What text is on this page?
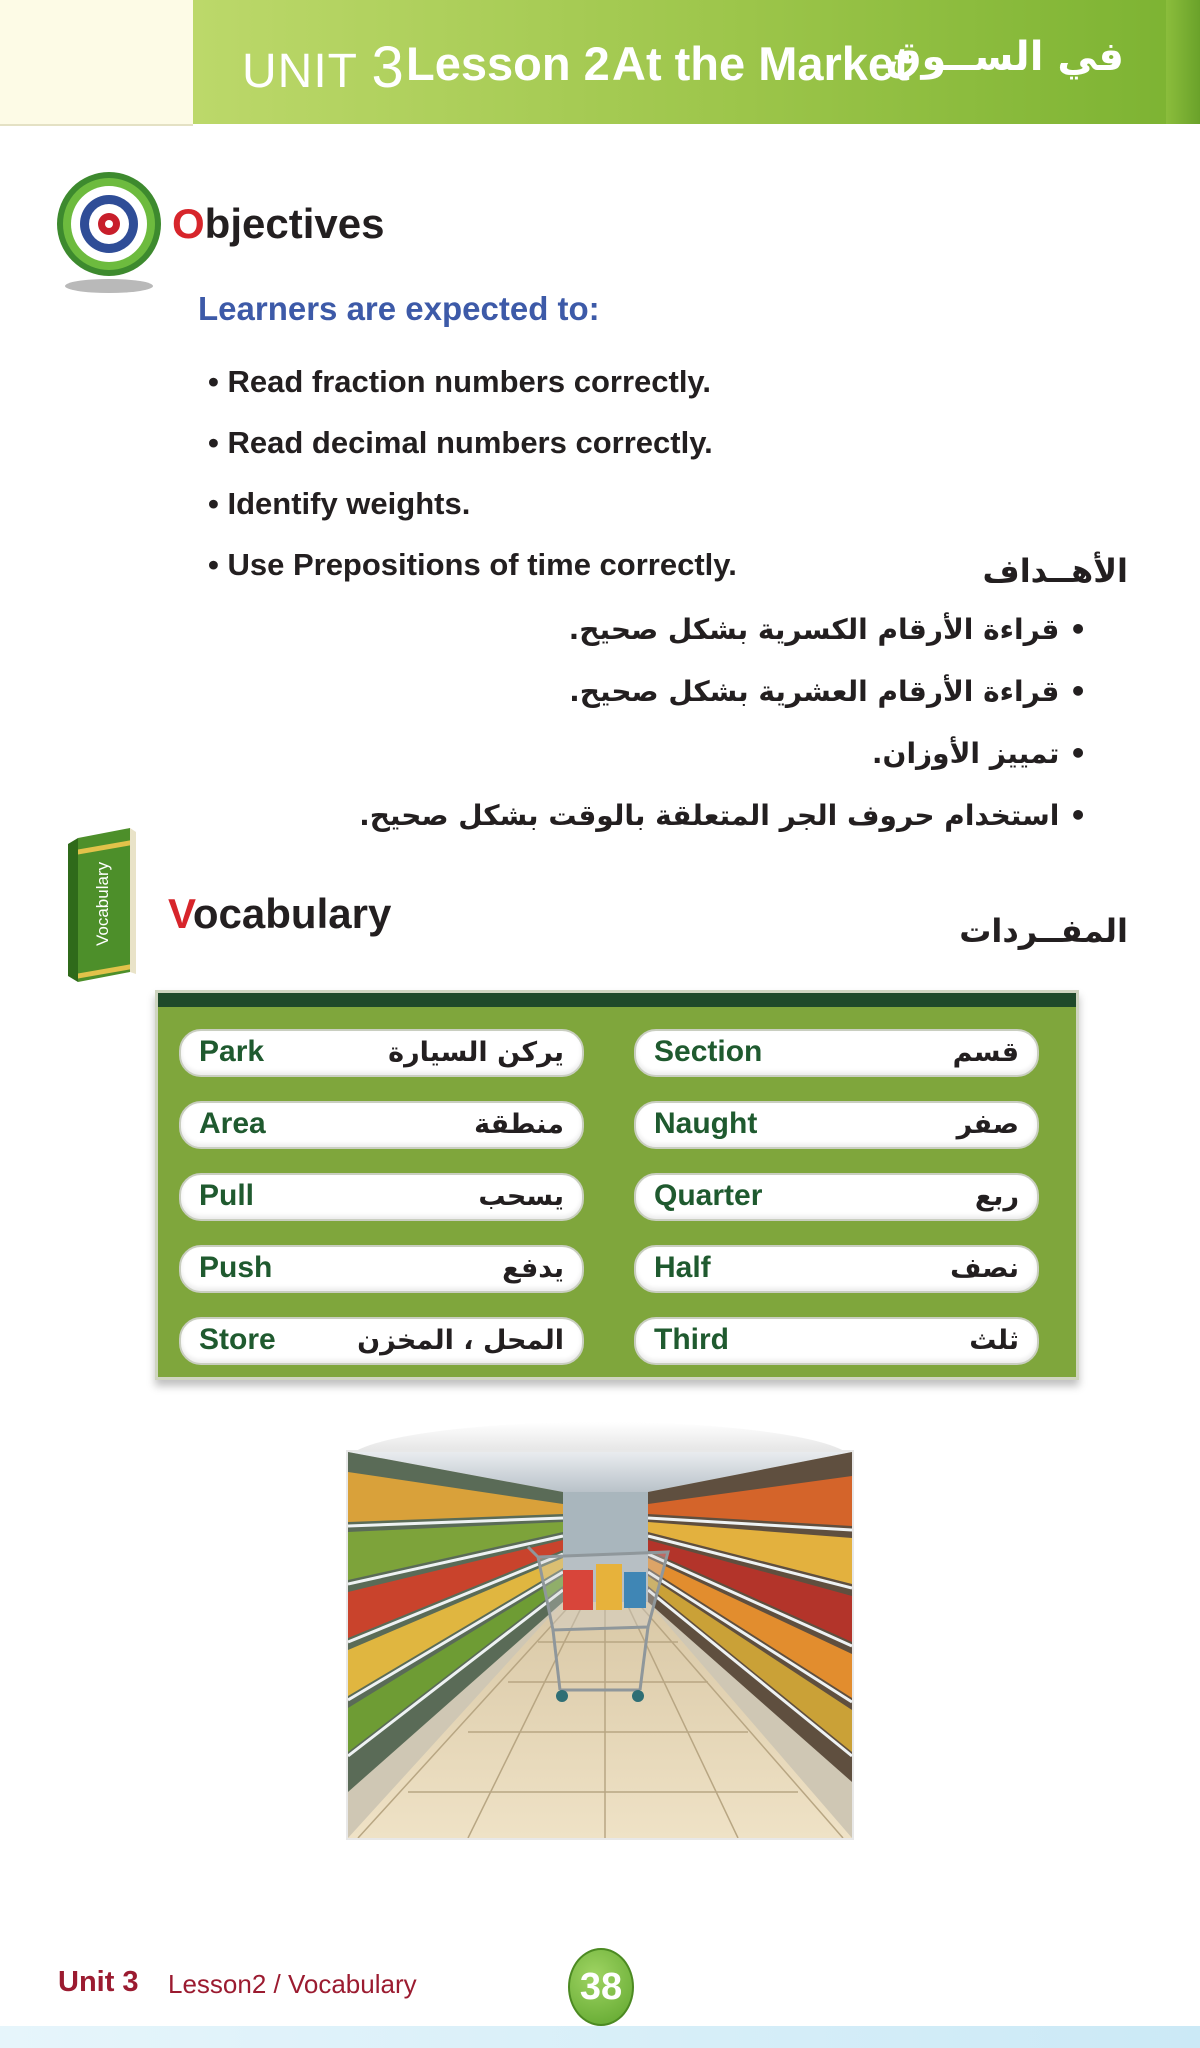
UNIT 3 Lesson 2 At the Market
في الســوق
Objectives
Learners are expected to:
• Read fraction numbers correctly.
• Read decimal numbers correctly.
• Identify weights.
• Use Prepositions of time correctly.	الأهــداف
• قراءة الأرقام الكسرية بشكل صحيح.
• قراءة الأرقام العشرية بشكل صحيح.
• تمييز الأوزان.
• استخدام حروف الجر المتعلقة بالوقت بشكل صحيح.
Vocabulary Vocabulary	المفــردات
Park	يركن السيارة
Area	منطقة
Pull	يسحب
Push	يدفع
Store	المحل ، المخزن
Section	قسم
Naught	صفر
Quarter	ربع
Half	نصف
Third	ثلث
Unit 3 Lesson2 / Vocabulary	38
